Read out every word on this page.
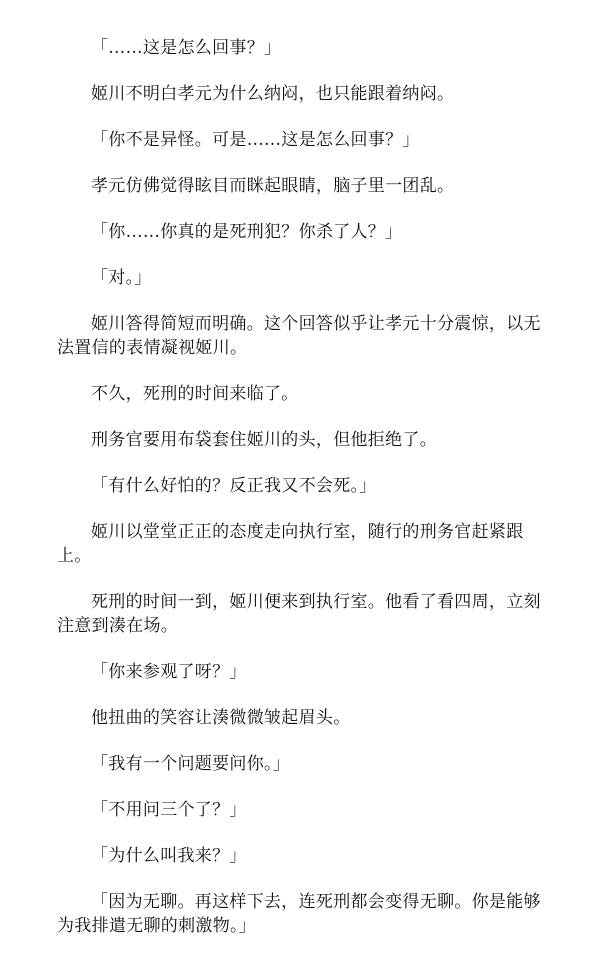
「……这是怎么回事？」

姬川不明白孝元为什么纳闷，也只能跟着纳闷。

「你不是异怪。可是……这是怎么回事？」

孝元仿佛觉得眩目而眯起眼睛，脑子里一团乱。

「你……你真的是死刑犯？你杀了人？」

「对。」

姬川答得简短而明确。这个回答似乎让孝元十分震惊，以无法置信的表情凝视姬川。

不久，死刑的时间来临了。

刑务官要用布袋套住姬川的头，但他拒绝了。

「有什么好怕的？反正我又不会死。」

姬川以堂堂正正的态度走向执行室，随行的刑务官赶紧跟上。

死刑的时间一到，姬川便来到执行室。他看了看四周，立刻注意到湊在场。

「你来参观了呀？」

他扭曲的笑容让湊微微皱起眉头。

「我有一个问题要问你。」

「不用问三个了？」

「为什么叫我来？」

「因为无聊。再这样下去，连死刑都会变得无聊。你是能够为我排遣无聊的刺激物。」
